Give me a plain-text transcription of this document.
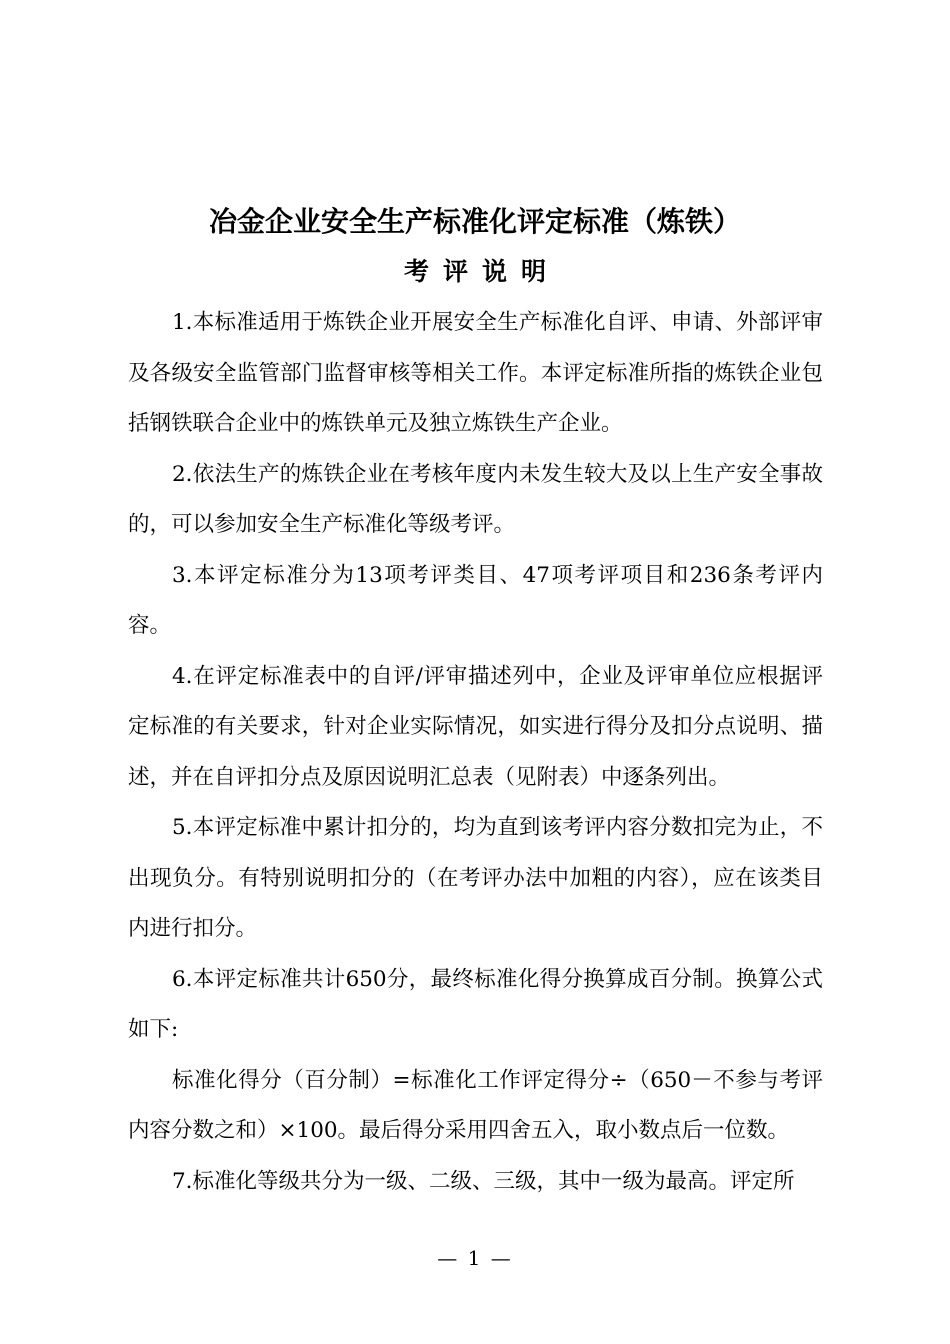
冶金企业安全生产标准化评定标准（炼铁）
考评说明

1.本标准适用于炼铁企业开展安全生产标准化自评、申请、外部评审及各级安全监管部门监督审核等相关工作。本评定标准所指的炼铁企业包括钢铁联合企业中的炼铁单元及独立炼铁生产企业。

2.依法生产的炼铁企业在考核年度内未发生较大及以上生产安全事故的，可以参加安全生产标准化等级考评。

3.本评定标准分为13项考评类目、47项考评项目和236条考评内容。

4.在评定标准表中的自评/评审描述列中，企业及评审单位应根据评定标准的有关要求，针对企业实际情况，如实进行得分及扣分点说明、描述，并在自评扣分点及原因说明汇总表（见附表）中逐条列出。

5.本评定标准中累计扣分的，均为直到该考评内容分数扣完为止，不出现负分。有特别说明扣分的（在考评办法中加粗的内容），应在该类目内进行扣分。

6.本评定标准共计650分，最终标准化得分换算成百分制。换算公式如下:

标准化得分（百分制）=标准化工作评定得分÷（650－不参与考评内容分数之和）×100。最后得分采用四舍五入，取小数点后一位数。

7.标准化等级共分为一级、二级、三级，其中一级为最高。评定所

— 1 —
